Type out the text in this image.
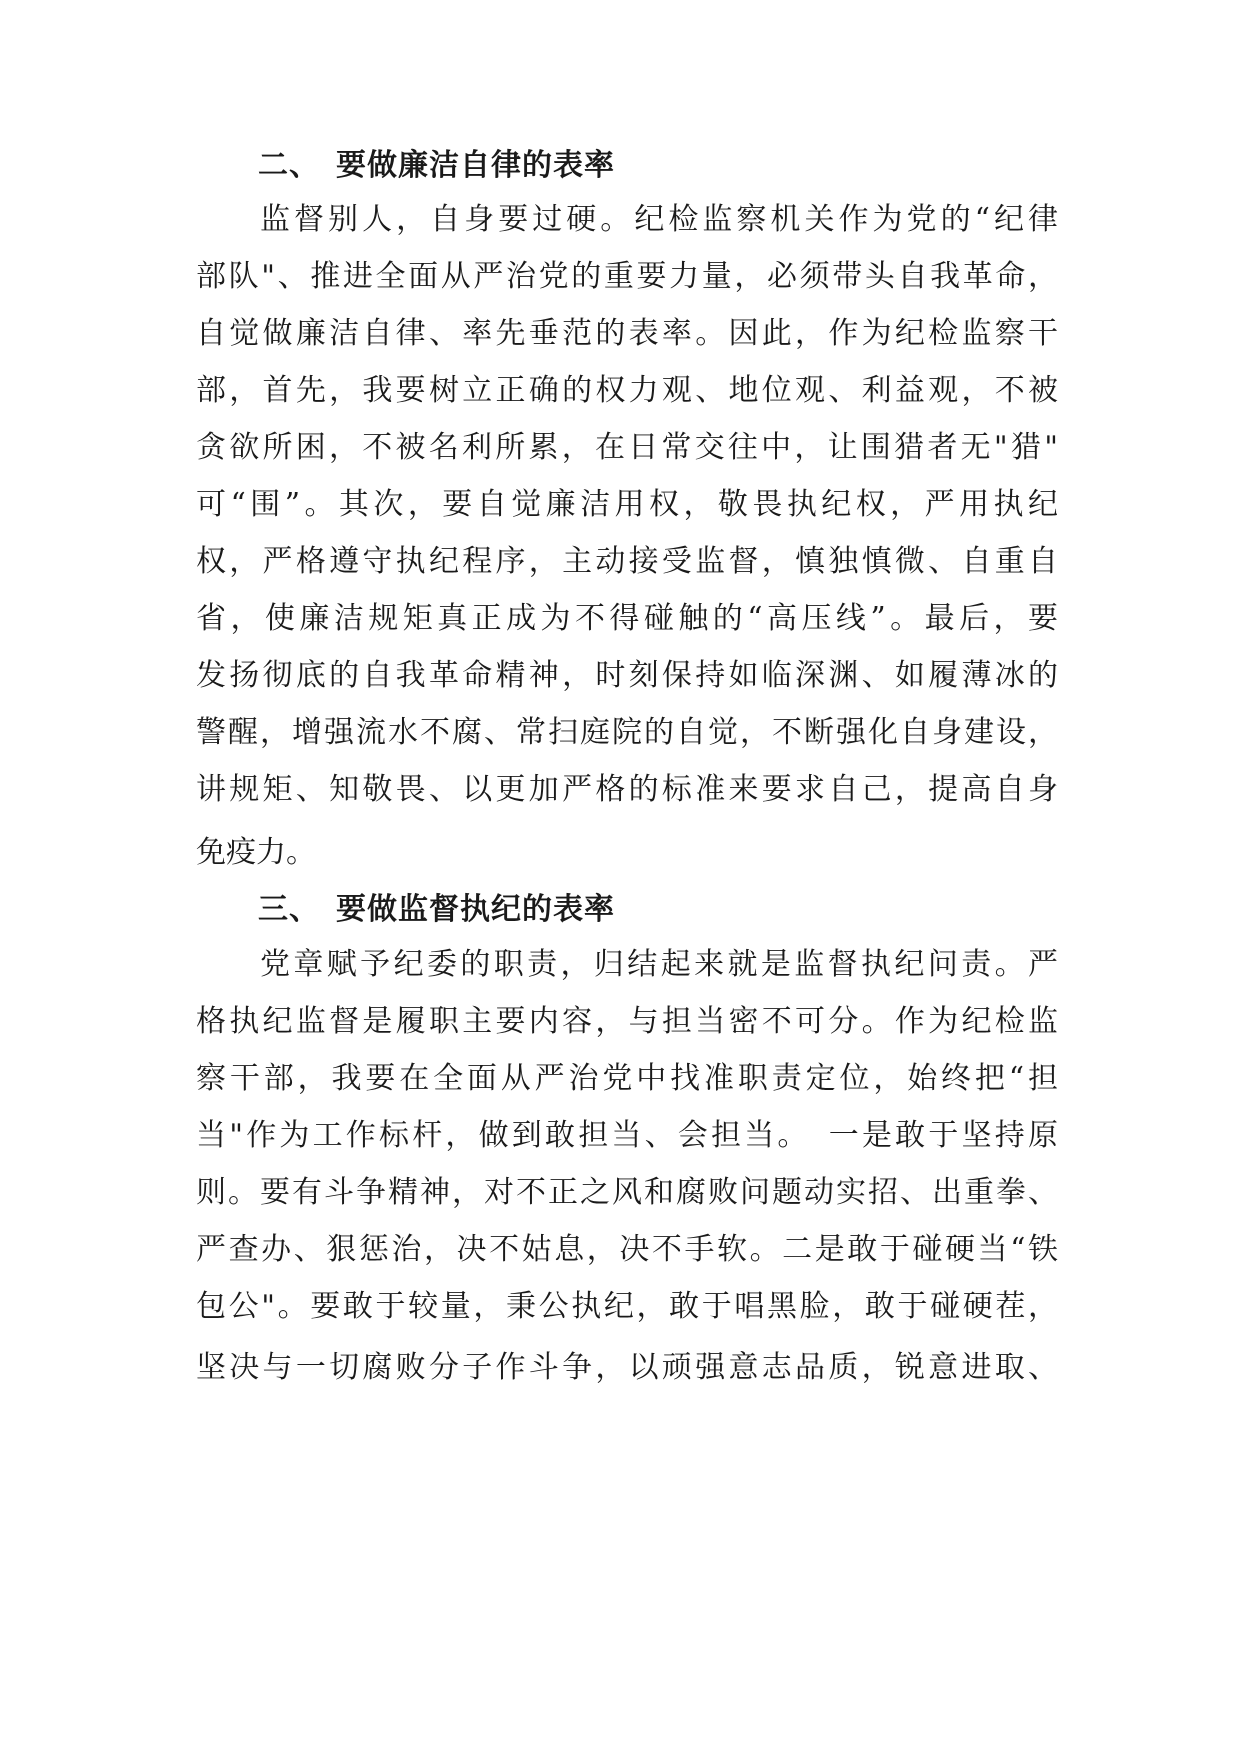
二、 要做廉洁自律的表率
监督别人，自身要过硬。纪检监察机关作为党的“纪律
部队"、推进全面从严治党的重要力量，必须带头自我革命，
自觉做廉洁自律、率先垂范的表率。因此，作为纪检监察干
部，首先，我要树立正确的权力观、地位观、利益观，不被
贪欲所困，不被名利所累，在日常交往中，让围猎者无"猎"
可“围”。其次，要自觉廉洁用权，敬畏执纪权，严用执纪
权，严格遵守执纪程序，主动接受监督，慎独慎微、自重自
省，使廉洁规矩真正成为不得碰触的“高压线”。最后，要
发扬彻底的自我革命精神，时刻保持如临深渊、如履薄冰的
警醒，增强流水不腐、常扫庭院的自觉，不断强化自身建设，
讲规矩、知敬畏、以更加严格的标准来要求自己，提高自身
免疫力。
三、 要做监督执纪的表率
党章赋予纪委的职责，归结起来就是监督执纪问责。严
格执纪监督是履职主要内容，与担当密不可分。作为纪检监
察干部，我要在全面从严治党中找准职责定位，始终把“担
当"作为工作标杆，做到敢担当、会担当。　一是敢于坚持原
则。要有斗争精神，对不正之风和腐败问题动实招、出重拳、
严查办、狠惩治，决不姑息，决不手软。二是敢于碰硬当“铁
包公"。要敢于较量，秉公执纪，敢于唱黑脸，敢于碰硬茬，
坚决与一切腐败分子作斗争，以顽强意志品质，锐意进取、
